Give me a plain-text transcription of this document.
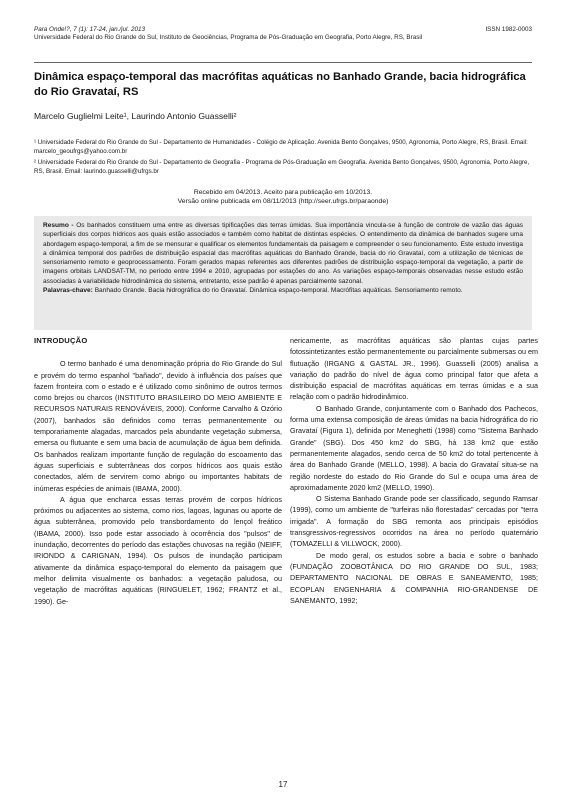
Para Onde!?, 7 (1): 17-24, jan./jul. 2013	ISSN 1982-0003
Universidade Federal do Rio Grande do Sul, Instituto de Geociências, Programa de Pós-Graduação em Geografia, Porto Alegre, RS, Brasil
Dinâmica espaço-temporal das macrófitas aquáticas no Banhado Grande, bacia hidrográfica do Rio Gravataí, RS
Marcelo Guglielmi Leite¹, Laurindo Antonio Guasselli²

¹ Universidade Federal do Rio Grande do Sul - Departamento de Humanidades - Colégio de Aplicação. Avenida Bento Gonçalves, 9500, Agronomia, Porto Alegre, RS, Brasil. Email: marcelo_geoufrgs@yahoo.com.br

² Universidade Federal do Rio Grande do Sul - Departamento de Geografia - Programa de Pós-Graduação em Geografia. Avenida Bento Gonçalves, 9500, Agronomia, Porto Alegre, RS, Brasil. Email: laurindo.guasselli@ufrgs.br

Recebido em 04/2013. Aceito para publicação em 10/2013.
Versão online publicada em 08/11/2013 (http://seer.ufrgs.br/paraonde)
Resumo - Os banhados constituem uma entre as diversas tipificações das terras úmidas. Sua importância vincula-se à função de controle de vazão das águas superficiais dos corpos hídricos aos quais estão associados e também como habitat de distintas espécies. O entendimento da dinâmica de banhados sugere uma abordagem espaço-temporal, a fim de se mensurar e qualificar os elementos fundamentais da paisagem e compreender o seu funcionamento. Este estudo investiga a dinâmica temporal dos padrões de distribuição espacial das macrófitas aquáticas do Banhado Grande, bacia do rio Gravataí, com a utilização de técnicas de sensoriamento remoto e geoprocessamento. Foram gerados mapas referentes aos diferentes padrões de distribuição espaço-temporal da vegetação, a partir de imagens orbitais LANDSAT-TM, no período entre 1994 e 2010, agrupadas por estações do ano. As variações espaço-temporais observadas nesse estudo estão associadas à variabilidade hidrodinâmica do sistema, entretanto, esse padrão é apenas parcialmente sazonal.
Palavras-chave: Banhado Grande. Bacia hidrográfica do rio Gravataí. Dinâmica espaço-temporal. Macrófitas aquáticas. Sensoriamento remoto.
INTRODUÇÃO

O termo banhado é uma denominação própria do Rio Grande do Sul e provém do termo espanhol "bañado", devido à influência dos países que fazem fronteira com o estado e é utilizado como sinônimo de outros termos como brejos ou charcos (INSTITUTO BRASILEIRO DO MEIO AMBIENTE E RECURSOS NATURAIS RENOVÁVEIS, 2000). Conforme Carvalho & Ozório (2007), banhados são definidos como terras permanentemente ou temporariamente alagadas, marcados pela abundante vegetação submersa, emersa ou flutuante e sem uma bacia de acumulação de água bem definida. Os banhados realizam importante função de regulação do escoamento das águas superficiais e subterrâneas dos corpos hídricos aos quais estão conectados, além de servirem como abrigo ou importantes habitats de inúmeras espécies de animais (IBAMA, 2000).

A água que encharca essas terras provém de corpos hídricos próximos ou adjacentes ao sistema, como rios, lagoas, lagunas ou aporte de água subterrânea, promovido pelo transbordamento do lençol freático (IBAMA, 2000). Isso pode estar associado à ocorrência dos "pulsos" de inundação, decorrentes do período das estações chuvosas na região (NEIFF, IRIONDO & CARIGNAN, 1994). Os pulsos de inundação participam ativamente da dinâmica espaço-temporal do elemento da paisagem que melhor delimita visualmente os banhados: a vegetação paludosa, ou vegetação de macrófitas aquáticas (RINGUELET, 1962; FRANTZ et al., 1990). Ge-

nericamente, as macrófitas aquáticas são plantas cujas partes fotossintetizantes estão permanentemente ou parcialmente submersas ou em flutuação (IRGANG & GASTAL JR., 1996). Guasselli (2005) analisa a variação do padrão do nível de água como principal fator que afeta a distribuição espacial de macrófitas aquáticas em terras úmidas e a sua relação com o padrão hidrodinâmico.

O Banhado Grande, conjuntamente com o Banhado dos Pachecos, forma uma extensa composição de áreas úmidas na bacia hidrográfica do rio Gravataí (Figura 1), definida por Meneghetti (1998) como "Sistema Banhado Grande" (SBG). Dos 450 km2 do SBG, há 138 km2 que estão permanentemente alagados, sendo cerca de 50 km2 do total pertencente à área do Banhado Grande (MELLO, 1998). A bacia do Gravataí situa-se na região nordeste do estado do Rio Grande do Sul e ocupa uma área de aproximadamente 2020 km2 (MELLO, 1990).

O Sistema Banhado Grande pode ser classificado, segundo Ramsar (1999), como um ambiente de "turfeiras não florestadas" cercadas por "terra irrigada". A formação do SBG remonta aos principais episódios transgressivos-regressivos ocorridos na área no período quaternário (TOMAZELLI & VILLWOCK, 2000).

De modo geral, os estudos sobre a bacia e sobre o banhado (FUNDAÇÃO ZOOBOTÂNICA DO RIO GRANDE DO SUL, 1983; DEPARTAMENTO NACIONAL DE OBRAS E SANEAMENTO, 1985; ECOPLAN ENGENHARIA & COMPANHIA RIO-GRANDENSE DE SANEMANTO, 1992;

17
